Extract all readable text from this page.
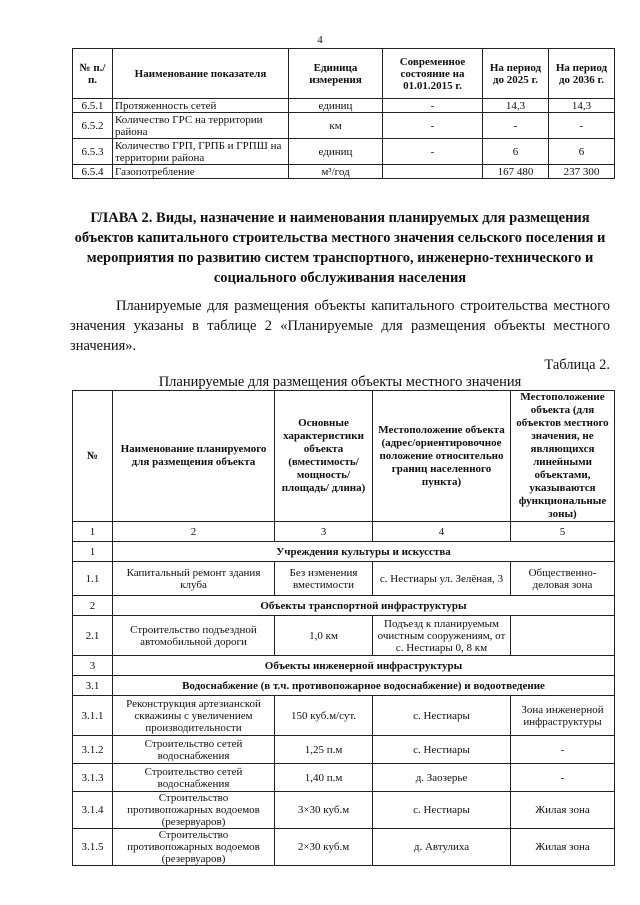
4
№ п./п.	Наименование показателя	Единица измерения	Современное состояние на 01.01.2015 г.	На период до 2025 г.	На период до 2036 г.
6.5.1	Протяженность сетей	единиц	-	14,3	14,3
6.5.2	Количество ГРС на территории района	км	-	-	-
6.5.3	Количество ГРП, ГРПБ и ГРПШ на территории района	единиц	-	6	6
6.5.4	Газопотребление	м³/год		167 480	237 300
ГЛАВА 2. Виды, назначение и наименования планируемых для размещения объектов капитального строительства местного значения сельского поселения и мероприятия по развитию систем транспортного, инженерно-технического и социального обслуживания населения
Планируемые для размещения объекты капитального строительства местного значения указаны в таблице 2 «Планируемые для размещения объекты местного значения».
Таблица 2.
Планируемые для размещения объекты местного значения
№	Наименование планируемого для размещения объекта	Основные характеристики объекта (вместимость/ мощность/ площадь/ длина)	Местоположение объекта (адрес/ориентировочное положение относительно границ населенного пункта)	Местоположение объекта (для объектов местного значения, не являющихся линейными объектами, указываются функциональные зоны)
1	2	3	4	5
1	Учреждения культуры и искусства			
1.1	Капитальный ремонт здания клуба	Без изменения вместимости	с. Нестиары ул. Зелёная, 3	Общественно-деловая зона
2	Объекты транспортной инфраструктуры			
2.1	Строительство подъездной автомобильной дороги	1,0 км	Подъезд к планируемым очистным сооружениям, от с. Нестиары 0, 8 км	
3	Объекты инженерной инфраструктуры			
3.1	Водоснабжение (в т.ч. противопожарное водоснабжение) и водоотведение			
3.1.1	Реконструкция артезианской скважины с увеличением производительности	150 куб.м/сут.	с. Нестиары	Зона инженерной инфраструктуры
3.1.2	Строительство сетей водоснабжения	1,25 п.м	с. Нестиары	-
3.1.3	Строительство сетей водоснабжения	1,40 п.м	д. Заозерье	-
3.1.4	Строительство противопожарных водоемов (резервуаров)	3×30 куб.м	с. Нестиары	Жилая зона
3.1.5	Строительство противопожарных водоемов (резервуаров)	2×30 куб.м	д. Автулиха	Жилая зона
